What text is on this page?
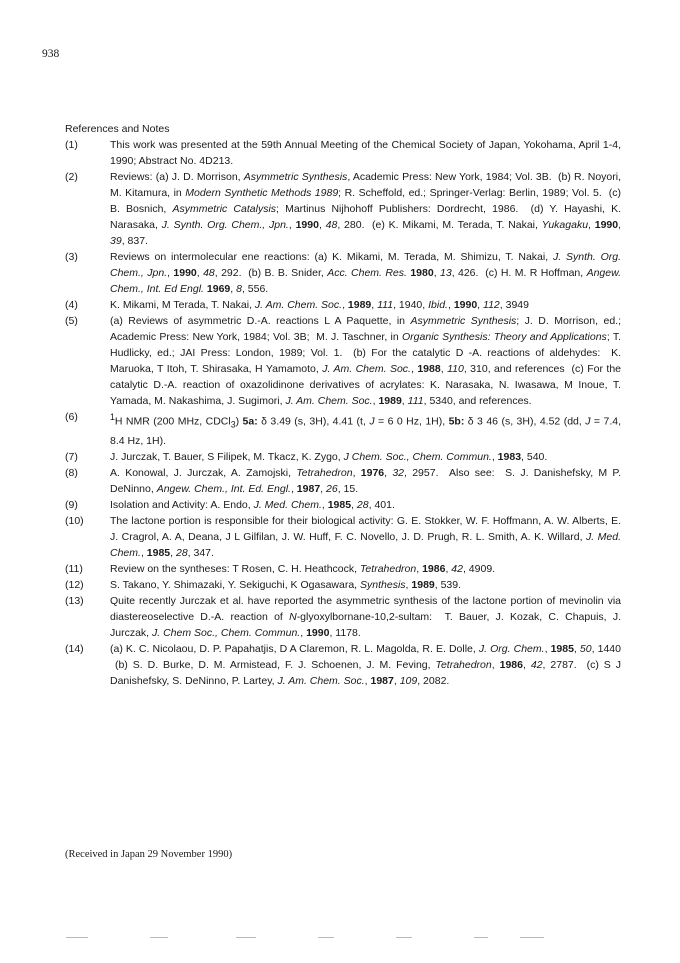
938
References and Notes
(1)	This work was presented at the 59th Annual Meeting of the Chemical Society of Japan, Yokohama, April 1-4, 1990; Abstract No. 4D213.
(2)	Reviews: (a) J. D. Morrison, Asymmetric Synthesis, Academic Press: New York, 1984; Vol. 3B.  (b) R. Noyori, M. Kitamura, in Modern Synthetic Methods 1989; R. Scheffold, ed.; Springer-Verlag: Berlin, 1989; Vol. 5.  (c) B. Bosnich, Asymmetric Catalysis; Martinus Nijhohoff Publishers: Dordrecht, 1986.  (d) Y. Hayashi, K. Narasaka, J. Synth. Org. Chem., Jpn., 1990, 48, 280.  (e) K. Mikami, M. Terada, T. Nakai, Yukagaku, 1990, 39, 837.
(3)	Reviews on intermolecular ene reactions: (a) K. Mikami, M. Terada, M. Shimizu, T. Nakai, J. Synth. Org. Chem., Jpn., 1990, 48, 292.  (b) B. B. Snider, Acc. Chem. Res. 1980, 13, 426.  (c) H. M. R Hoffman, Angew. Chem., Int. Ed Engl. 1969, 8, 556.
(4)	K. Mikami, M Terada, T. Nakai, J. Am. Chem. Soc., 1989, 111, 1940, Ibid., 1990, 112, 3949
(5)	(a) Reviews of asymmetric D.-A. reactions L A Paquette, in Asymmetric Synthesis; J. D. Morrison, ed.; Academic Press: New York, 1984; Vol. 3B;  M. J. Taschner, in Organic Synthesis: Theory and Applications; T. Hudlicky, ed.; JAI Press: London, 1989; Vol. 1.  (b) For the catalytic D -A. reactions of aldehydes:  K. Maruoka, T Itoh, T. Shirasaka, H Yamamoto, J. Am. Chem. Soc., 1988, 110, 310, and references  (c) For the catalytic D.-A. reaction of oxazolidinone derivatives of acrylates: K. Narasaka, N. Iwasawa, M Inoue, T. Yamada, M. Nakashima, J. Sugimori, J. Am. Chem. Soc., 1989, 111, 5340, and references.
(6)	$^1$H NMR (200 MHz, CDCl$_3$) 5a: δ 3.49 (s, 3H), 4.41 (t, J = 6 0 Hz, 1H), 5b: δ 3 46 (s, 3H), 4.52 (dd, J = 7.4, 8.4 Hz, 1H).
(7)	J. Jurczak, T. Bauer, S Filipek, M. Tkacz, K. Zygo, J Chem. Soc., Chem. Commun., 1983, 540.
(8)	A. Konowal, J. Jurczak, A. Zamojski, Tetrahedron, 1976, 32, 2957.  Also see:  S. J. Danishefsky, M P. DeNinno, Angew. Chem., Int. Ed. Engl., 1987, 26, 15.
(9)	Isolation and Activity: A. Endo, J. Med. Chem., 1985, 28, 401.
(10)	The lactone portion is responsible for their biological activity: G. E. Stokker, W. F. Hoffmann, A. W. Alberts, E. J. Cragrol, A. A, Deana, J L Gilfilan, J. W. Huff, F. C. Novello, J. D. Prugh, R. L. Smith, A. K. Willard, J. Med. Chem., 1985, 28, 347.
(11)	Review on the syntheses: T Rosen, C. H. Heathcock, Tetrahedron, 1986, 42, 4909.
(12)	S. Takano, Y. Shimazaki, Y. Sekiguchi, K Ogasawara, Synthesis, 1989, 539.
(13)	Quite recently Jurczak et al. have reported the asymmetric synthesis of the lactone portion of mevinolin via diastereoselective D.-A. reaction of N-glyoxylbornane-10,2-sultam:  T. Bauer, J. Kozak, C. Chapuis, J. Jurczak, J. Chem Soc., Chem. Commun., 1990, 1178.
(14)	(a) K. C. Nicolaou, D. P. Papahatjis, D A Claremon, R. L. Magolda, R. E. Dolle, J. Org. Chem., 1985, 50, 1440  (b) S. D. Burke, D. M. Armistead, F. J. Schoenen, J. M. Feving, Tetrahedron, 1986, 42, 2787.  (c) S J Danishefsky, S. DeNinno, P. Lartey, J. Am. Chem. Soc., 1987, 109, 2082.
(Received in Japan 29 November 1990)
